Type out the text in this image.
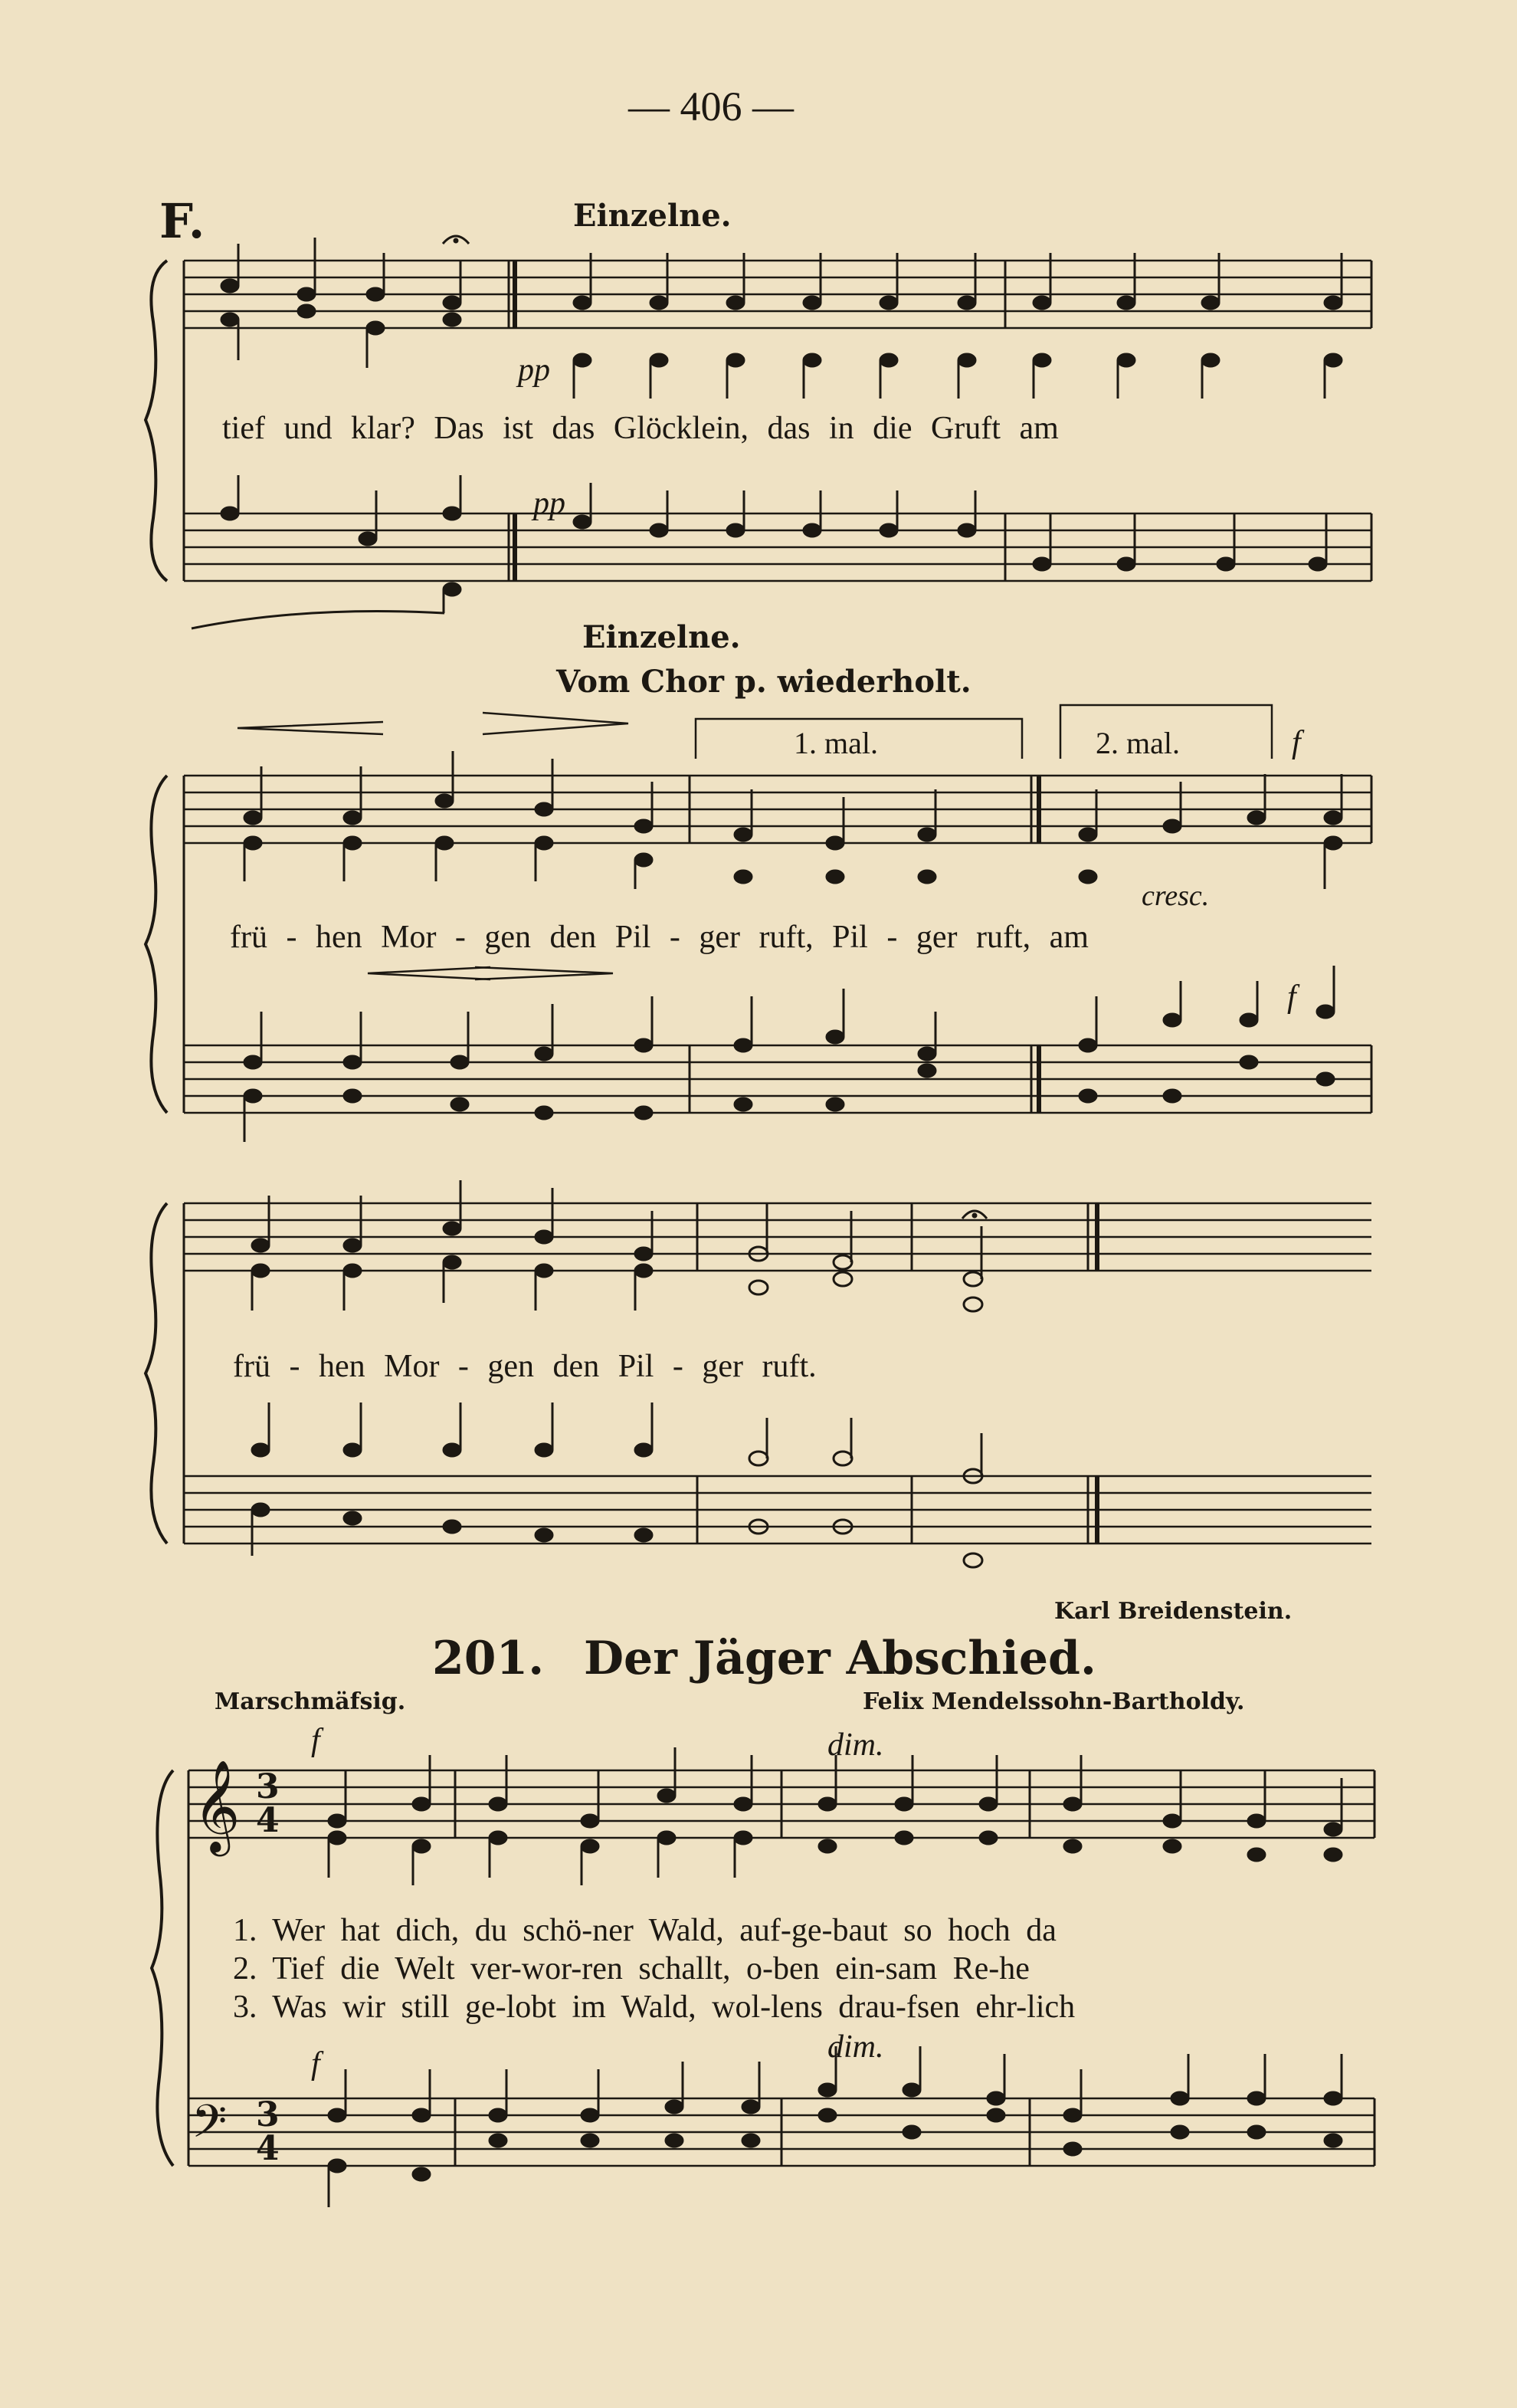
— 406 —
F.	Einzelne.
𝄞
𝄢
pp
pp
tief und klar? Das ist das Glöcklein, das in die Gruft am
Einzelne.
Vom Chor p. wiederholt.
1. mal.	2. mal.	f
cresc.
frü - hen Mor - gen den Pil - ger ruft, Pil - ger ruft, am
f
frü - hen Mor - gen den Pil - ger ruft.
Karl Breidenstein.
201. Der Jäger Abschied.
Marschmäfsig.	Felix Mendelssohn-Bartholdy.
3
4
3
4
f	dim.
f	dim.
1. Wer hat dich, du schö-ner Wald, auf-ge-baut so hoch da
2. Tief die Welt ver-wor-ren schallt, o-ben ein-sam Re-he
3. Was wir still ge-lobt im Wald, wol-lens drau-fsen ehr-lich
